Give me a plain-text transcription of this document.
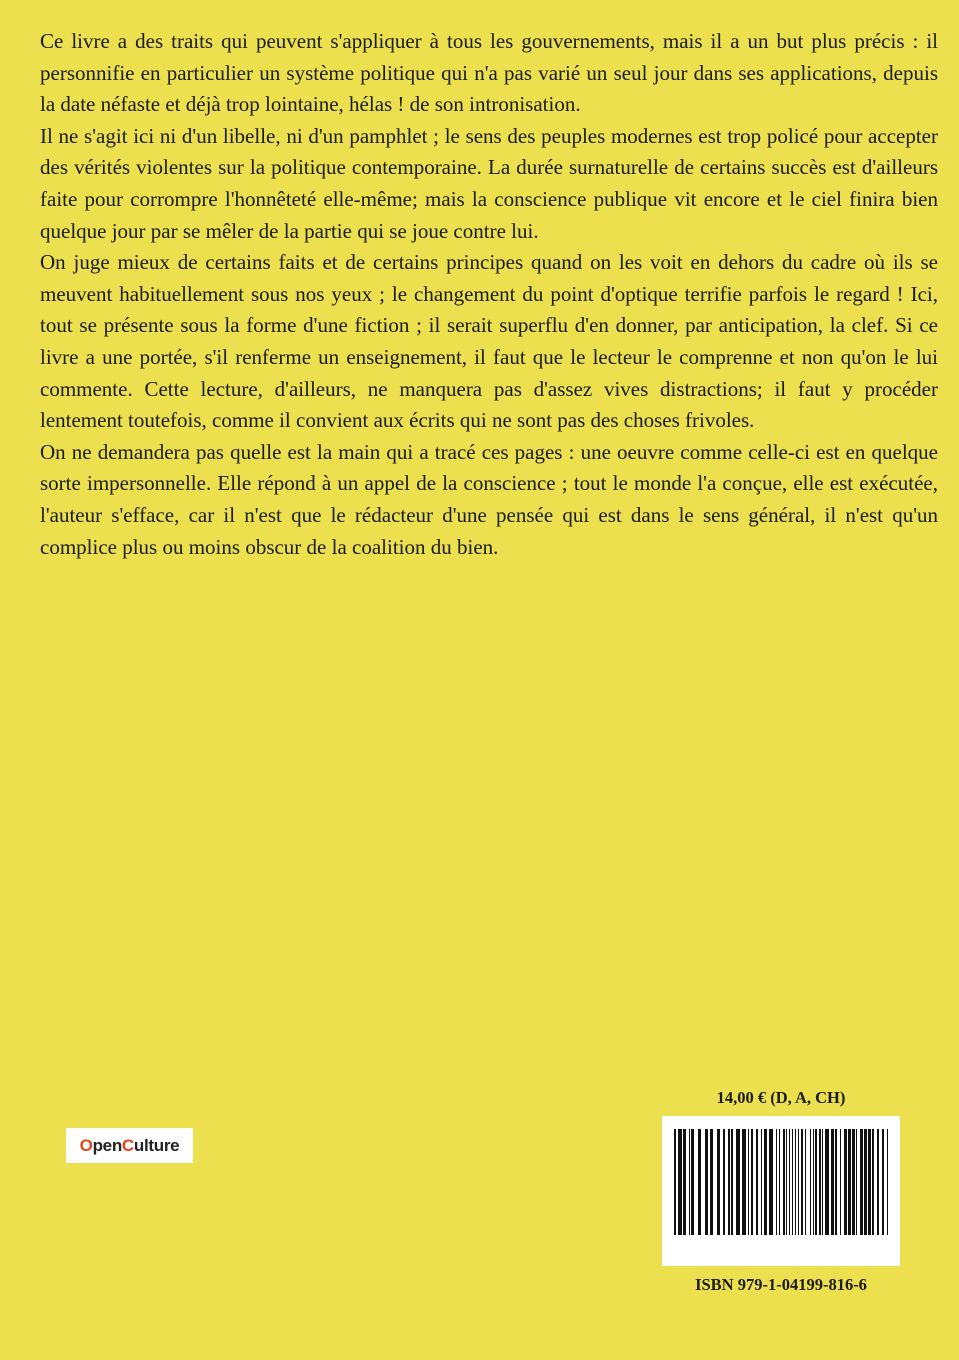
Ce livre a des traits qui peuvent s'appliquer à tous les gouvernements, mais il a un but plus précis : il personnifie en particulier un système politique qui n'a pas varié un seul jour dans ses applications, depuis la date néfaste et déjà trop lointaine, hélas ! de son intronisation.

Il ne s'agit ici ni d'un libelle, ni d'un pamphlet ; le sens des peuples modernes est trop policé pour accepter des vérités violentes sur la politique contemporaine. La durée surnaturelle de certains succès est d'ailleurs faite pour corrompre l'honnêteté elle-même; mais la conscience publique vit encore et le ciel finira bien quelque jour par se mêler de la partie qui se joue contre lui.

On juge mieux de certains faits et de certains principes quand on les voit en dehors du cadre où ils se meuvent habituellement sous nos yeux ; le changement du point d'optique terrifie parfois le regard ! Ici, tout se présente sous la forme d'une fiction ; il serait superflu d'en donner, par anticipation, la clef. Si ce livre a une portée, s'il renferme un enseignement, il faut que le lecteur le comprenne et non qu'on le lui commente. Cette lecture, d'ailleurs, ne manquera pas d'assez vives distractions; il faut y procéder lentement toutefois, comme il convient aux écrits qui ne sont pas des choses frivoles.

On ne demandera pas quelle est la main qui a tracé ces pages : une oeuvre comme celle-ci est en quelque sorte impersonnelle. Elle répond à un appel de la conscience ; tout le monde l'a conçue, elle est exécutée, l'auteur s'efface, car il n'est que le rédacteur d'une pensée qui est dans le sens général, il n'est qu'un complice plus ou moins obscur de la coalition du bien.

O pen C ulture
14,00 € (D, A, CH)
ISBN 979-1-04199-816-6
